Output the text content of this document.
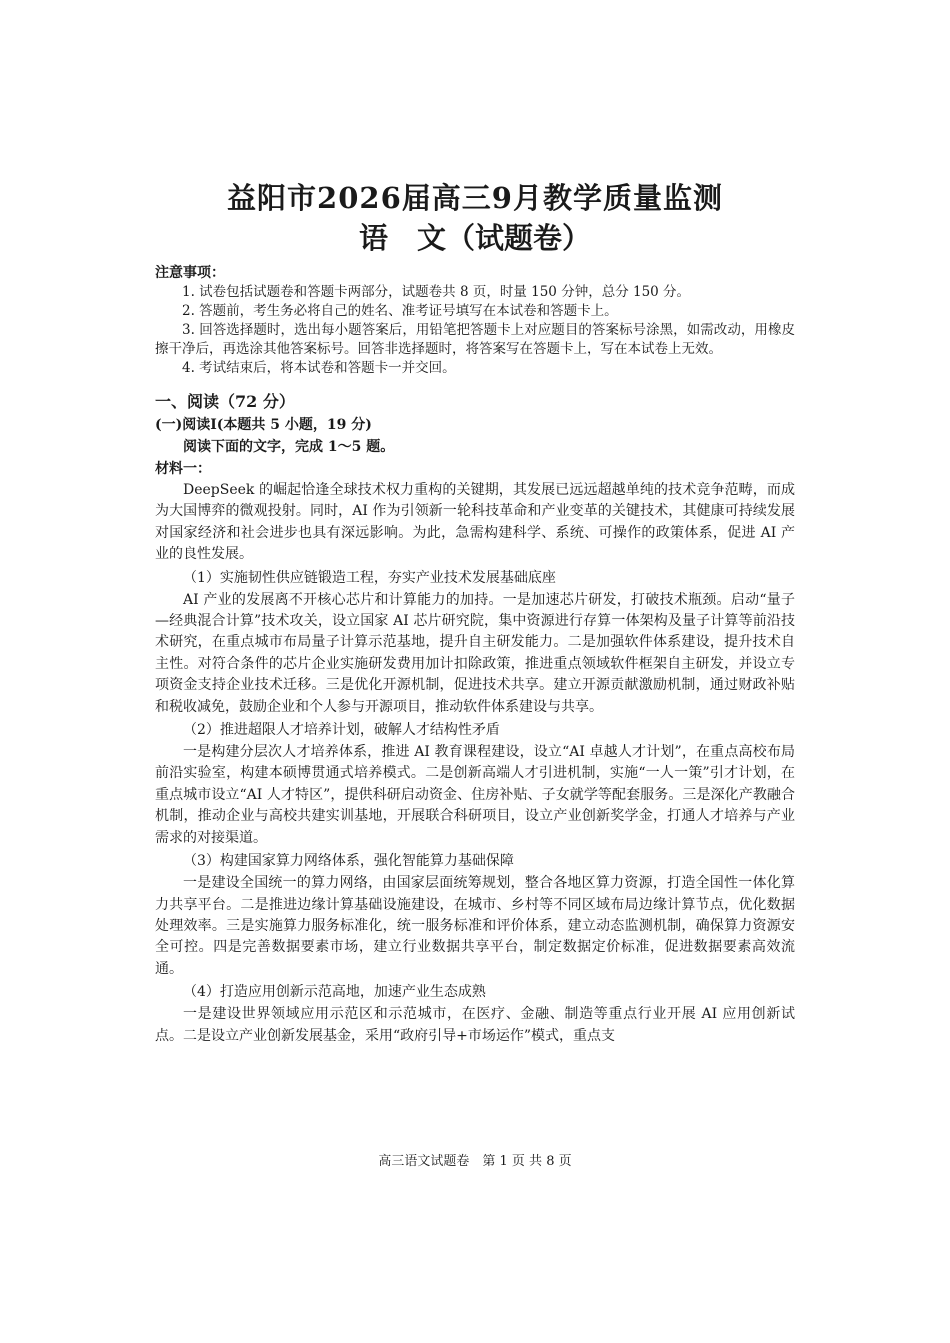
益阳市2026届高三9月教学质量监测
语　文（试题卷）

注意事项：

1. 试卷包括试题卷和答题卡两部分，试题卷共 8 页，时量 150 分钟，总分 150 分。

2. 答题前，考生务必将自己的姓名、准考证号填写在本试卷和答题卡上。

3. 回答选择题时，选出每小题答案后，用铅笔把答题卡上对应题目的答案标号涂黑，如需改动，用橡皮擦干净后，再选涂其他答案标号。回答非选择题时，将答案写在答题卡上，写在本试卷上无效。

4. 考试结束后，将本试卷和答题卡一并交回。

一、阅读（72 分）

(一)阅读Ⅰ(本题共 5 小题，19 分)

阅读下面的文字，完成 1～5 题。

材料一：

DeepSeek 的崛起恰逢全球技术权力重构的关键期，其发展已远远超越单纯的技术竞争范畴，而成为大国博弈的微观投射。同时，AI 作为引领新一轮科技革命和产业变革的关键技术，其健康可持续发展对国家经济和社会进步也具有深远影响。为此，急需构建科学、系统、可操作的政策体系，促进 AI 产业的良性发展。

（1）实施韧性供应链锻造工程，夯实产业技术发展基础底座

AI 产业的发展离不开核心芯片和计算能力的加持。一是加速芯片研发，打破技术瓶颈。启动“量子—经典混合计算”技术攻关，设立国家 AI 芯片研究院，集中资源进行存算一体架构及量子计算等前沿技术研究，在重点城市布局量子计算示范基地，提升自主研发能力。二是加强软件体系建设，提升技术自主性。对符合条件的芯片企业实施研发费用加计扣除政策，推进重点领域软件框架自主研发，并设立专项资金支持企业技术迁移。三是优化开源机制，促进技术共享。建立开源贡献激励机制，通过财政补贴和税收减免，鼓励企业和个人参与开源项目，推动软件体系建设与共享。

（2）推进超限人才培养计划，破解人才结构性矛盾

一是构建分层次人才培养体系，推进 AI 教育课程建设，设立“AI 卓越人才计划”，在重点高校布局前沿实验室，构建本硕博贯通式培养模式。二是创新高端人才引进机制，实施“一人一策”引才计划，在重点城市设立“AI 人才特区”，提供科研启动资金、住房补贴、子女就学等配套服务。三是深化产教融合机制，推动企业与高校共建实训基地，开展联合科研项目，设立产业创新奖学金，打通人才培养与产业需求的对接渠道。

（3）构建国家算力网络体系，强化智能算力基础保障

一是建设全国统一的算力网络，由国家层面统筹规划，整合各地区算力资源，打造全国性一体化算力共享平台。二是推进边缘计算基础设施建设，在城市、乡村等不同区域布局边缘计算节点，优化数据处理效率。三是实施算力服务标准化，统一服务标准和评价体系，建立动态监测机制，确保算力资源安全可控。四是完善数据要素市场，建立行业数据共享平台，制定数据定价标准，促进数据要素高效流通。

（4）打造应用创新示范高地，加速产业生态成熟

一是建设世界领域应用示范区和示范城市，在医疗、金融、制造等重点行业开展 AI 应用创新试点。二是设立产业创新发展基金，采用“政府引导+市场运作”模式，重点支

高三语文试题卷　第 1 页 共 8 页
